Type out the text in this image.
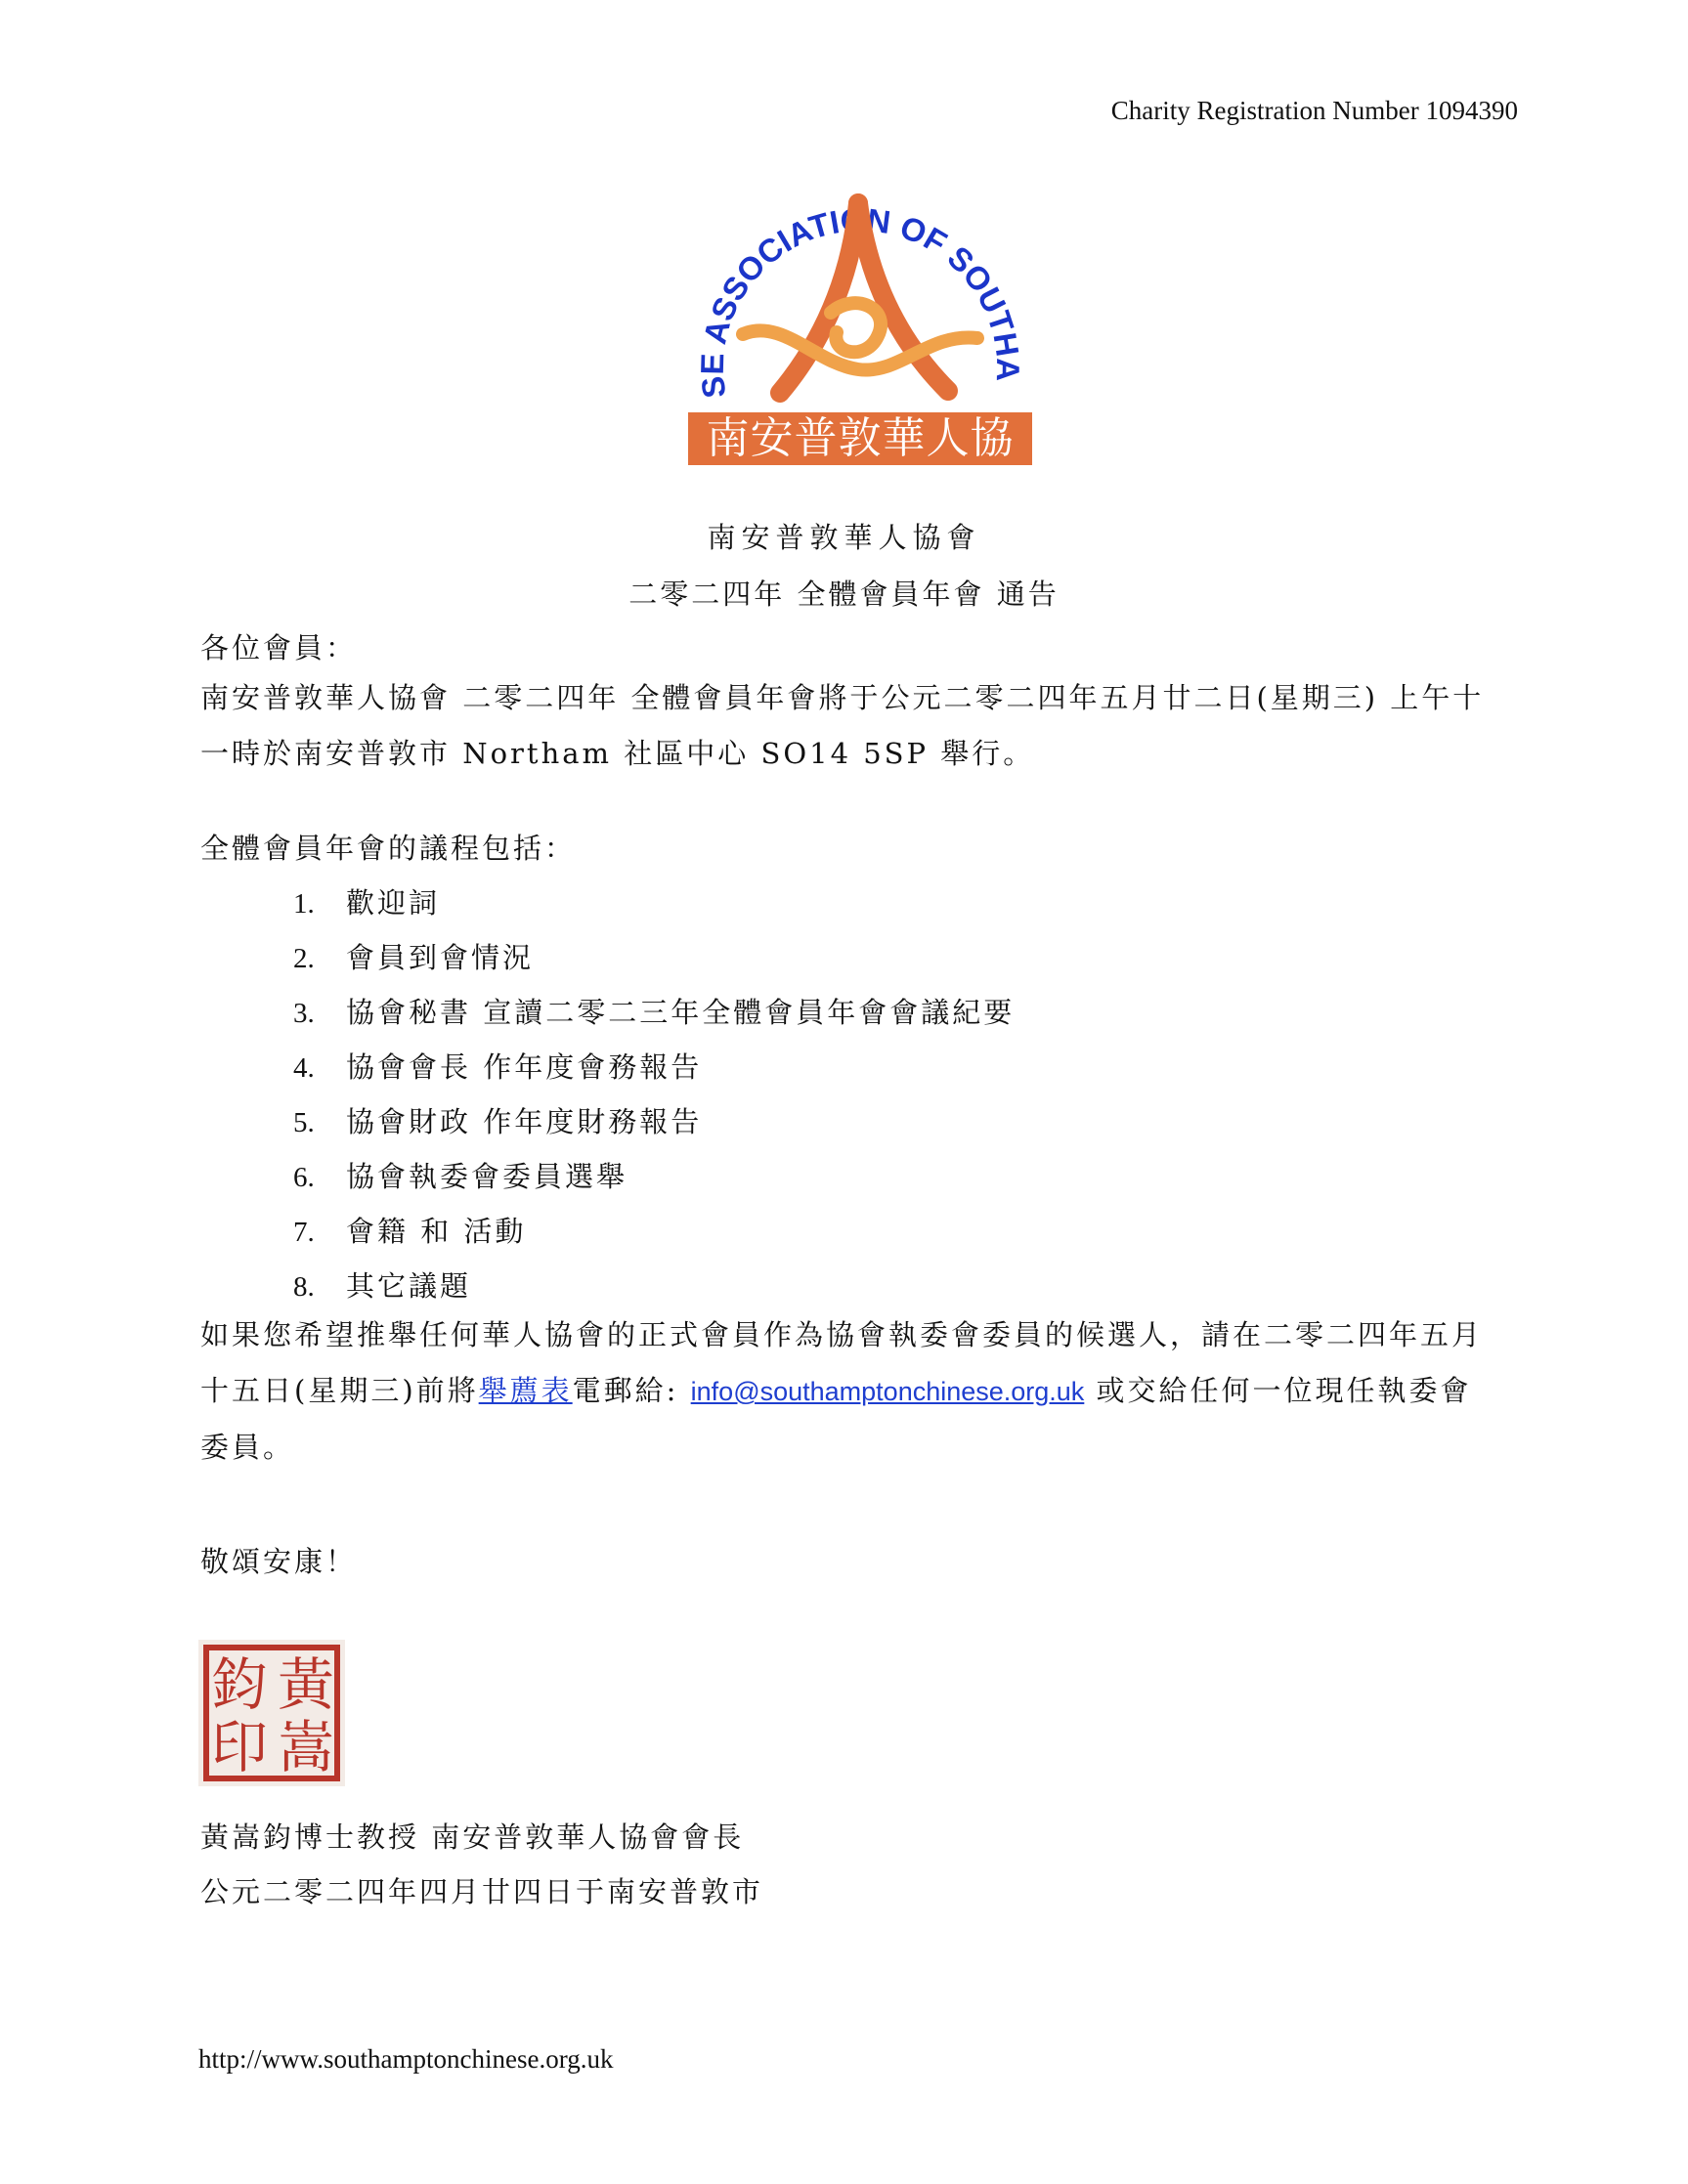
Charity Registration Number 1094390
SE ASSOCIATION OF SOUTHA
南安普敦華人協會
南安普敦華人協會
二零二四年 全體會員年會 通告
各位會員：
南安普敦華人協會 二零二四年 全體會員年會將于公元二零二四年五月廿二日(星期三) 上午十一時於南安普敦市 Northam 社區中心 SO14 5SP 舉行。
全體會員年會的議程包括：
1. 歡迎詞
2. 會員到會情況
3. 協會秘書 宣讀二零二三年全體會員年會會議紀要
4. 協會會長 作年度會務報告
5. 協會財政 作年度財務報告
6. 協會執委會委員選舉
7. 會籍 和 活動
8. 其它議題
如果您希望推舉任何華人協會的正式會員作為協會執委會委員的候選人，請在二零二四年五月十五日(星期三)前將舉薦表電郵給: info@southamptonchinese.org.uk 或交給任何一位現任執委會委員。
敬頌安康！
黃
嵩
鈞
印
黃嵩鈞博士教授 南安普敦華人協會會長
公元二零二四年四月廿四日于南安普敦市
http://www.southamptonchinese.org.uk
